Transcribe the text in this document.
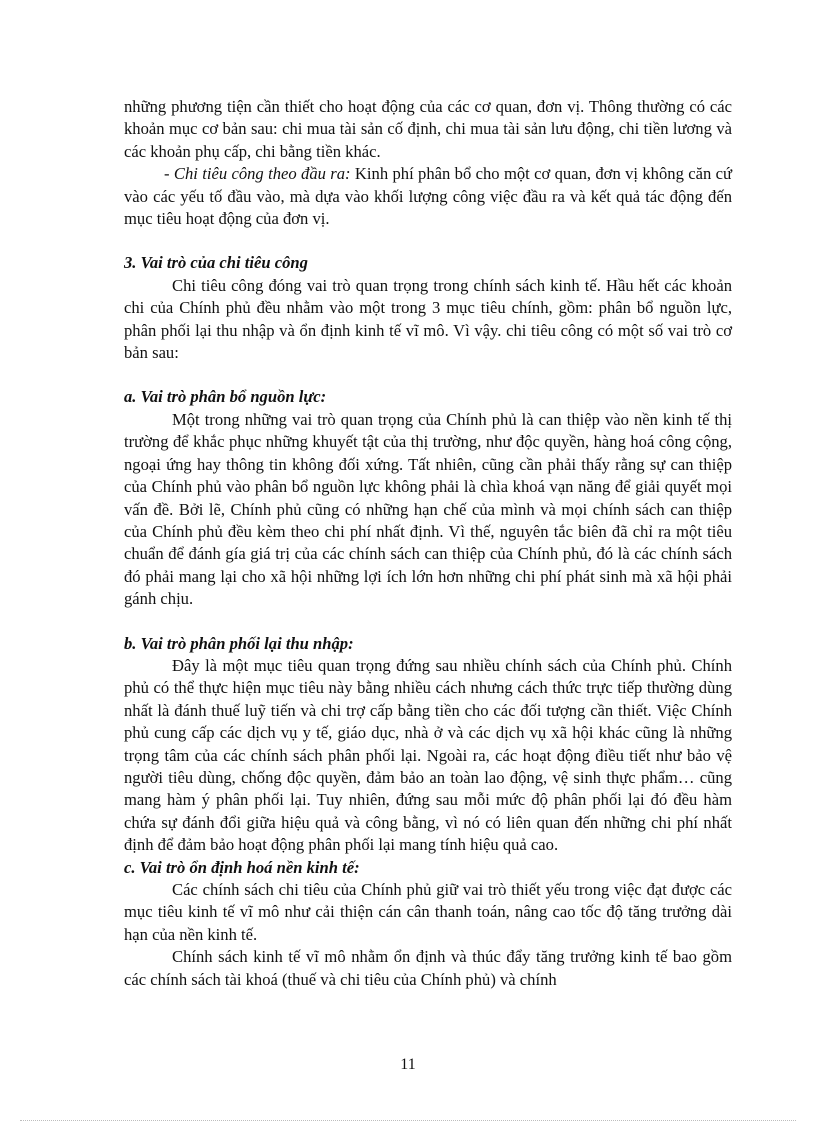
những phương tiện cần thiết cho hoạt động của các cơ quan, đơn vị. Thông thường có các khoản mục cơ bản sau: chi mua tài sản cố định, chi mua tài sản lưu động, chi tiền lương và các khoản phụ cấp, chi bằng tiền khác.

- Chi tiêu công theo đầu ra: Kinh phí phân bổ cho một cơ quan, đơn vị không căn cứ vào các yếu tố đầu vào, mà dựa vào khối lượng công việc đầu ra và kết quả tác động đến mục tiêu hoạt động của đơn vị.

3. Vai trò của chi tiêu công

Chi tiêu công đóng vai trò quan trọng trong chính sách kinh tế. Hầu hết các khoản chi của Chính phủ đều nhằm vào một trong 3 mục tiêu chính, gồm: phân bổ nguồn lực, phân phối lại thu nhập và ổn định kinh tế vĩ mô. Vì vậy. chi tiêu công có một số vai trò cơ bản sau:

a. Vai trò phân bổ nguồn lực:

Một trong những vai trò quan trọng của Chính phủ là can thiệp vào nền kinh tế thị trường để khắc phục những khuyết tật của thị trường, như độc quyền, hàng hoá công cộng, ngoại ứng hay thông tin không đối xứng. Tất nhiên, cũng cần phải thấy rằng sự can thiệp của Chính phủ vào phân bổ nguồn lực không phải là chìa khoá vạn năng để giải quyết mọi vấn đề. Bởi lẽ, Chính phủ cũng có những hạn chế của mình và mọi chính sách can thiệp của Chính phủ đều kèm theo chi phí nhất định. Vì thế, nguyên tắc biên đã chỉ ra một tiêu chuẩn để đánh gía giá trị của các chính sách can thiệp của Chính phủ, đó là các chính sách đó phải mang lại cho xã hội những lợi ích lớn hơn những chi phí phát sinh mà xã hội phải gánh chịu.

b. Vai trò phân phối lại thu nhập:

Đây là một mục tiêu quan trọng đứng sau nhiều chính sách của Chính phủ. Chính phủ có thể thực hiện mục tiêu này bằng nhiều cách nhưng cách thức trực tiếp thường dùng nhất là đánh thuế luỹ tiến và chi trợ cấp bằng tiền cho các đối tượng cần thiết. Việc Chính phủ cung cấp các dịch vụ y tế, giáo dục, nhà ở và các dịch vụ xã hội khác cũng là những trọng tâm của các chính sách phân phối lại. Ngoài ra, các hoạt động điều tiết như bảo vệ người tiêu dùng, chống độc quyền, đảm bảo an toàn lao động, vệ sinh thực phẩm… cũng mang hàm ý phân phối lại. Tuy nhiên, đứng sau mỗi mức độ phân phối lại đó đều hàm chứa sự đánh đổi giữa hiệu quả và công bằng, vì nó có liên quan đến những chi phí nhất định để đảm bảo hoạt động phân phối lại mang tính hiệu quả cao.

c. Vai trò ổn định hoá nền kinh tế:

Các chính sách chi tiêu của Chính phủ giữ vai trò thiết yếu trong việc đạt được các mục tiêu kinh tế vĩ mô như cải thiện cán cân thanh toán, nâng cao tốc độ tăng trưởng dài hạn của nền kinh tế.

Chính sách kinh tế vĩ mô nhằm ổn định và thúc đẩy tăng trưởng kinh tế bao gồm các chính sách tài khoá (thuế và chi tiêu của Chính phủ) và chính

11
